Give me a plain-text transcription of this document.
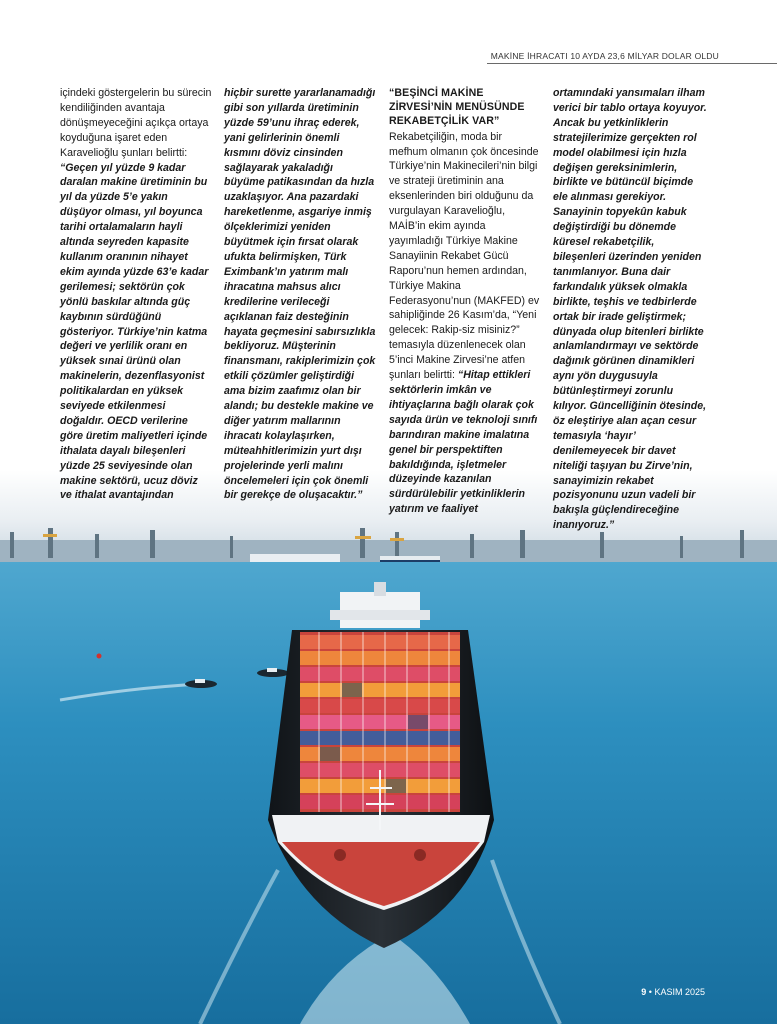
MAKİNE İHRACATI 10 AYDA 23,6 MİLYAR DOLAR OLDU

içindeki göstergelerin bu sürecin kendiliğinden avantaja dönüşmeyeceğini açıkça ortaya koyduğuna işaret eden Karavelioğlu şunları belirtti: “Geçen yıl yüzde 9 kadar daralan makine üretiminin bu yıl da yüzde 5’e yakın düşüyor olması, yıl boyunca tarihi ortalamaların hayli altında seyreden kapasite kullanım oranının nihayet ekim ayında yüzde 63’e kadar gerilemesi; sektörün çok yönlü baskılar altında güç kaybının sürdüğünü gösteriyor. Türkiye’nin katma değeri ve yerlilik oranı en yüksek sınai ürünü olan makinelerin, dezenflasyonist politikalardan en yüksek seviyede etkilenmesi doğaldır. OECD verilerine göre üretim maliyetleri içinde ithalata dayalı bileşenleri yüzde 25 seviyesinde olan makine sektörü, ucuz döviz ve ithalat avantajından

hiçbir surette yararlanamadığı gibi son yıllarda üretiminin yüzde 59’unu ihraç ederek, yani gelirlerinin önemli kısmını döviz cinsinden sağlayarak yakaladığı büyüme patikasından da hızla uzaklaşıyor. Ana pazardaki hareketlenme, asgariye inmiş ölçeklerimizi yeniden büyütmek için fırsat olarak ufukta belirmişken, Türk Eximbank’ın yatırım malı ihracatına mahsus alıcı kredilerine verileceği açıklanan faiz desteğinin hayata geçmesini sabırsızlıkla bekliyoruz. Müşterinin finansmanı, rakiplerimizin çok etkili çözümler geliştirdiği ama bizim zaafımız olan bir alandı; bu destekle makine ve diğer yatırım mallarının ihracatı kolaylaşırken, müteahhitlerimizin yurt dışı projelerinde yerli malını öncelemeleri için çok önemli bir gerekçe de oluşacaktır.”

“BEŞİNCİ MAKİNE ZİRVESİ’NİN MENÜSÜNDE REKABETÇİLİK VAR”

Rekabetçiliğin, moda bir mefhum olmanın çok öncesinde Türkiye’nin Makinecileri’nin bilgi ve strateji üretiminin ana eksenlerinden biri olduğunu da vurgulayan Karavelioğlu, MAİB’in ekim ayında yayımladığı Türkiye Makine Sanayiinin Rekabet Gücü Raporu’nun hemen ardından, Türkiye Makina Federasyonu’nun (MAKFED) ev sahipliğinde 26 Kasım’da, “Yeni gelecek: Rakip-siz misiniz?” temasıyla düzenlenecek olan 5’inci Makine Zirvesi’ne atfen şunları belirtti: “Hitap ettikleri sektörlerin imkân ve ihtiyaçlarına bağlı olarak çok sayıda ürün ve teknoloji sınıfı barındıran makine imalatına genel bir perspektiften bakıldığında, işletmeler düzeyinde kazanılan sürdürülebilir yetkinliklerin yatırım ve faaliyet

ortamındaki yansımaları ilham verici bir tablo ortaya koyuyor. Ancak bu yetkinliklerin stratejilerimize gerçekten rol model olabilmesi için hızla değişen gereksinimlerin, birlikte ve bütüncül biçimde ele alınması gerekiyor. Sanayinin topyekûn kabuk değiştirdiği bu dönemde küresel rekabetçilik, bileşenleri üzerinden yeniden tanımlanıyor. Buna dair farkındalık yüksek olmakla birlikte, teşhis ve tedbirlerde ortak bir irade geliştirmek; dünyada olup bitenleri birlikte anlamlandırmayı ve sektörde dağınık görünen dinamikleri aynı yön duygusuyla bütünleştirmeyi zorunlu kılıyor. Güncelliğinin ötesinde, öz eleştiriye alan açan cesur temasıyla ‘hayır’ denilemeyecek bir davet niteliği taşıyan bu Zirve’nin, sanayimizin rekabet pozisyonunu uzun vadeli bir bakışla güçlendireceğine inanıyoruz.”

9 • KASIM 2025
